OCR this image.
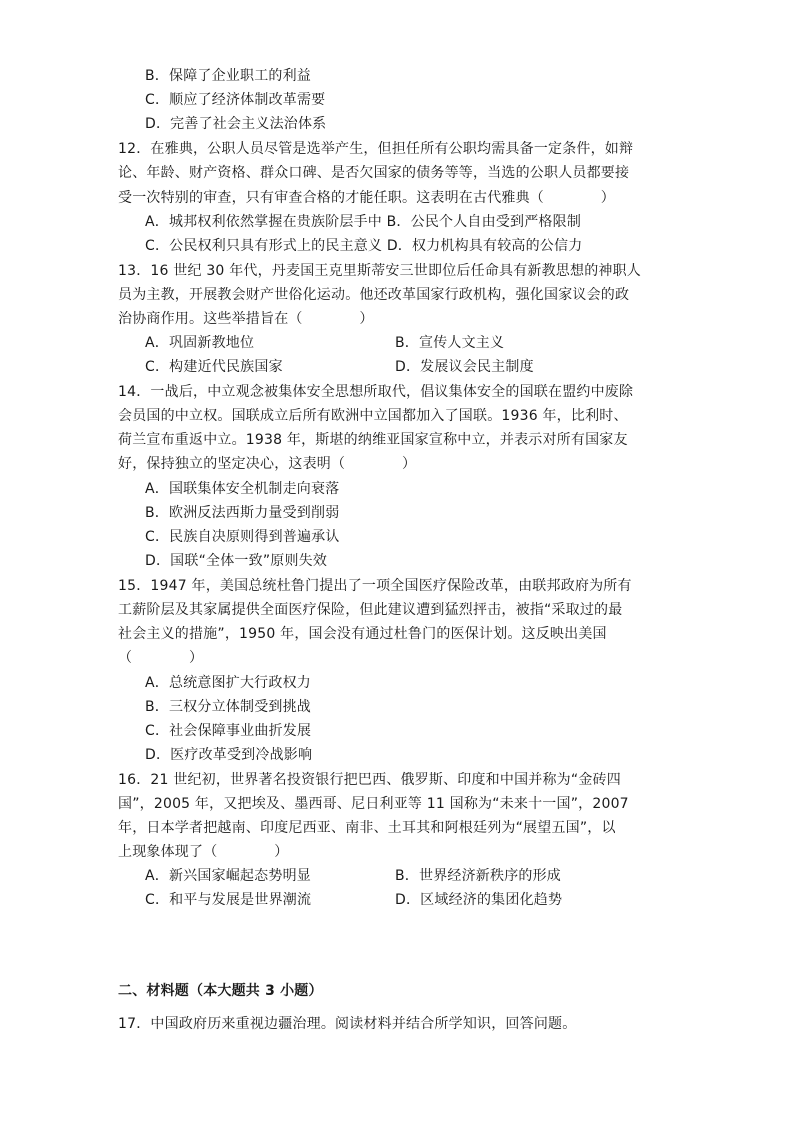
B．保障了企业职工的利益
C．顺应了经济体制改革需要
D．完善了社会主义法治体系
12．在雅典，公职人员尽管是选举产生，但担任所有公职均需具备一定条件，如辩
论、年龄、财产资格、群众口碑、是否欠国家的债务等等，当选的公职人员都要接
受一次特别的审查，只有审查合格的才能任职。这表明在古代雅典（　　　　）
A．城邦权利依然掌握在贵族阶层手中 B．公民个人自由受到严格限制
C．公民权利只具有形式上的民主意义 D．权力机构具有较高的公信力
13．16 世纪 30 年代，丹麦国王克里斯蒂安三世即位后任命具有新教思想的神职人
员为主教，开展教会财产世俗化运动。他还改革国家行政机构，强化国家议会的政
治协商作用。这些举措旨在（　　　　）
A．巩固新教地位	B．宣传人文主义
C．构建近代民族国家	D．发展议会民主制度
14．一战后，中立观念被集体安全思想所取代，倡议集体安全的国联在盟约中废除
会员国的中立权。国联成立后所有欧洲中立国都加入了国联。1936 年，比利时、
荷兰宣布重返中立。1938 年，斯堪的纳维亚国家宣称中立，并表示对所有国家友
好，保持独立的坚定决心，这表明（　　　　）
A．国联集体安全机制走向衰落
B．欧洲反法西斯力量受到削弱
C．民族自决原则得到普遍承认
D．国联“全体一致”原则失效
15．1947 年，美国总统杜鲁门提出了一项全国医疗保险改革，由联邦政府为所有
工薪阶层及其家属提供全面医疗保险，但此建议遭到猛烈抨击，被指“采取过的最
社会主义的措施”，1950 年，国会没有通过杜鲁门的医保计划。这反映出美国
（　　　　）
A．总统意图扩大行政权力
B．三权分立体制受到挑战
C．社会保障事业曲折发展
D．医疗改革受到冷战影响
16．21 世纪初，世界著名投资银行把巴西、俄罗斯、印度和中国并称为“金砖四
国”，2005 年，又把埃及、墨西哥、尼日利亚等 11 国称为“未来十一国”，2007
年，日本学者把越南、印度尼西亚、南非、土耳其和阿根廷列为“展望五国”，以
上现象体现了（　　　　）
A．新兴国家崛起态势明显	B．世界经济新秩序的形成
C．和平与发展是世界潮流	D．区域经济的集团化趋势
二、材料题（本大题共 3 小题）
17．中国政府历来重视边疆治理。阅读材料并结合所学知识，回答问题。
